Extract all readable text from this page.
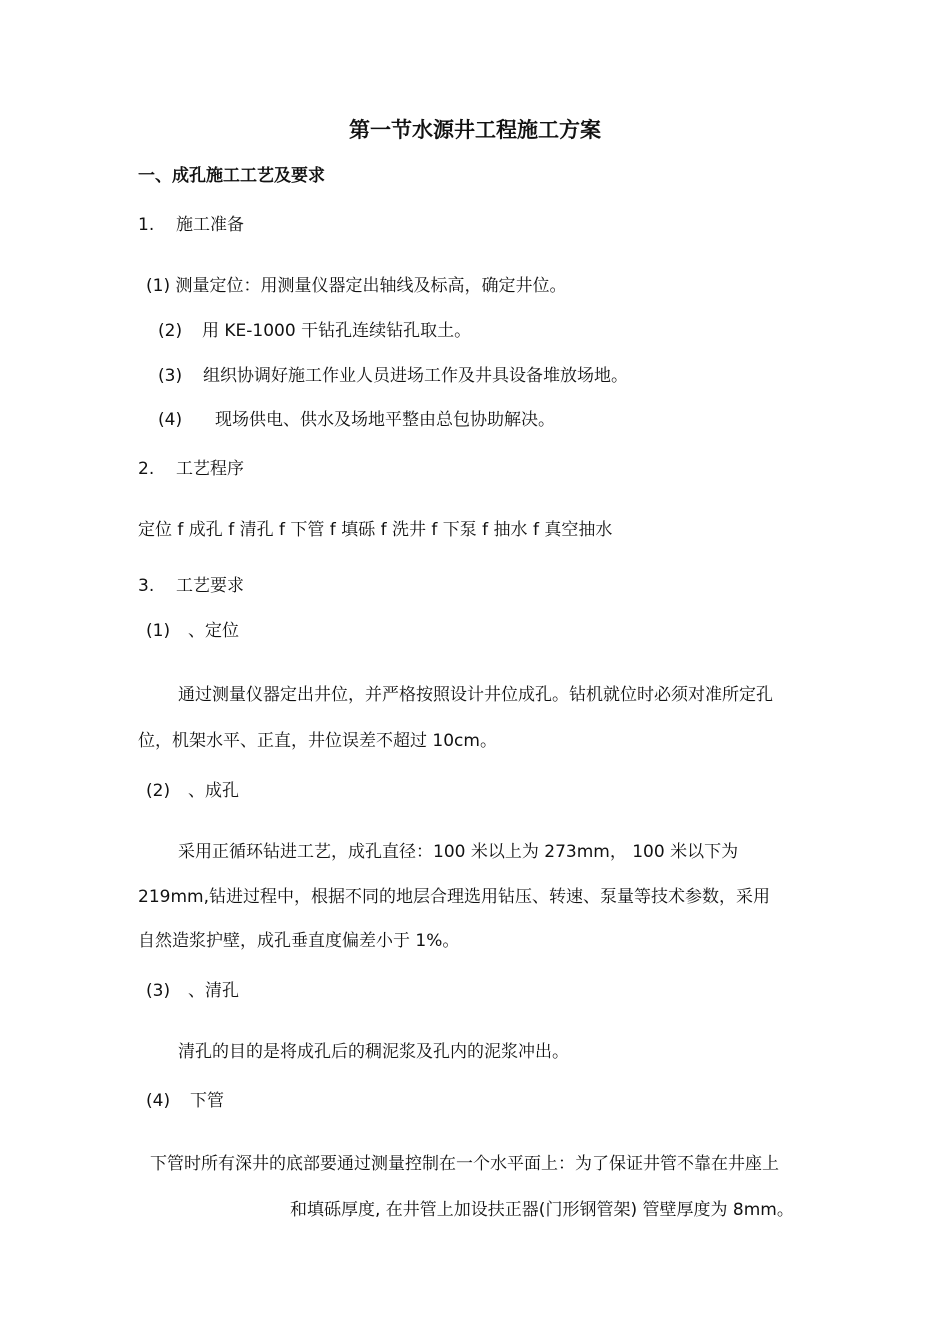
第一节水源井工程施工方案
一、成孔施工工艺及要求
1. 施工准备
(1) 测量定位：用测量仪器定出轴线及标高，确定井位。
(2) 用 KE-1000 干钻孔连续钻孔取土。
(3) 组织协调好施工作业人员进场工作及井具设备堆放场地。
(4) 现场供电、供水及场地平整由总包协助解决。
2. 工艺程序
定位 f 成孔 f 清孔 f 下管 f 填砾 f 洗井 f 下泵 f 抽水 f 真空抽水
3. 工艺要求
(1) 、定位
通过测量仪器定出井位，并严格按照设计井位成孔。钻机就位时必须对准所定孔
位，机架水平、正直，井位误差不超过 10cm。
(2) 、成孔
采用正循环钻进工艺，成孔直径：100 米以上为 273mm， 100 米以下为
219mm,钻进过程中，根据不同的地层合理选用钻压、转速、泵量等技术参数，采用
自然造浆护壁，成孔垂直度偏差小于 1%。
(3) 、清孔
清孔的目的是将成孔后的稠泥浆及孔内的泥浆冲出。
(4) 下管
下管时所有深井的底部要通过测量控制在一个水平面上：为了保证井管不靠在井座上
和填砾厚度, 在井管上加设扶正器(门形钢管架) 管壁厚度为 8mm。
